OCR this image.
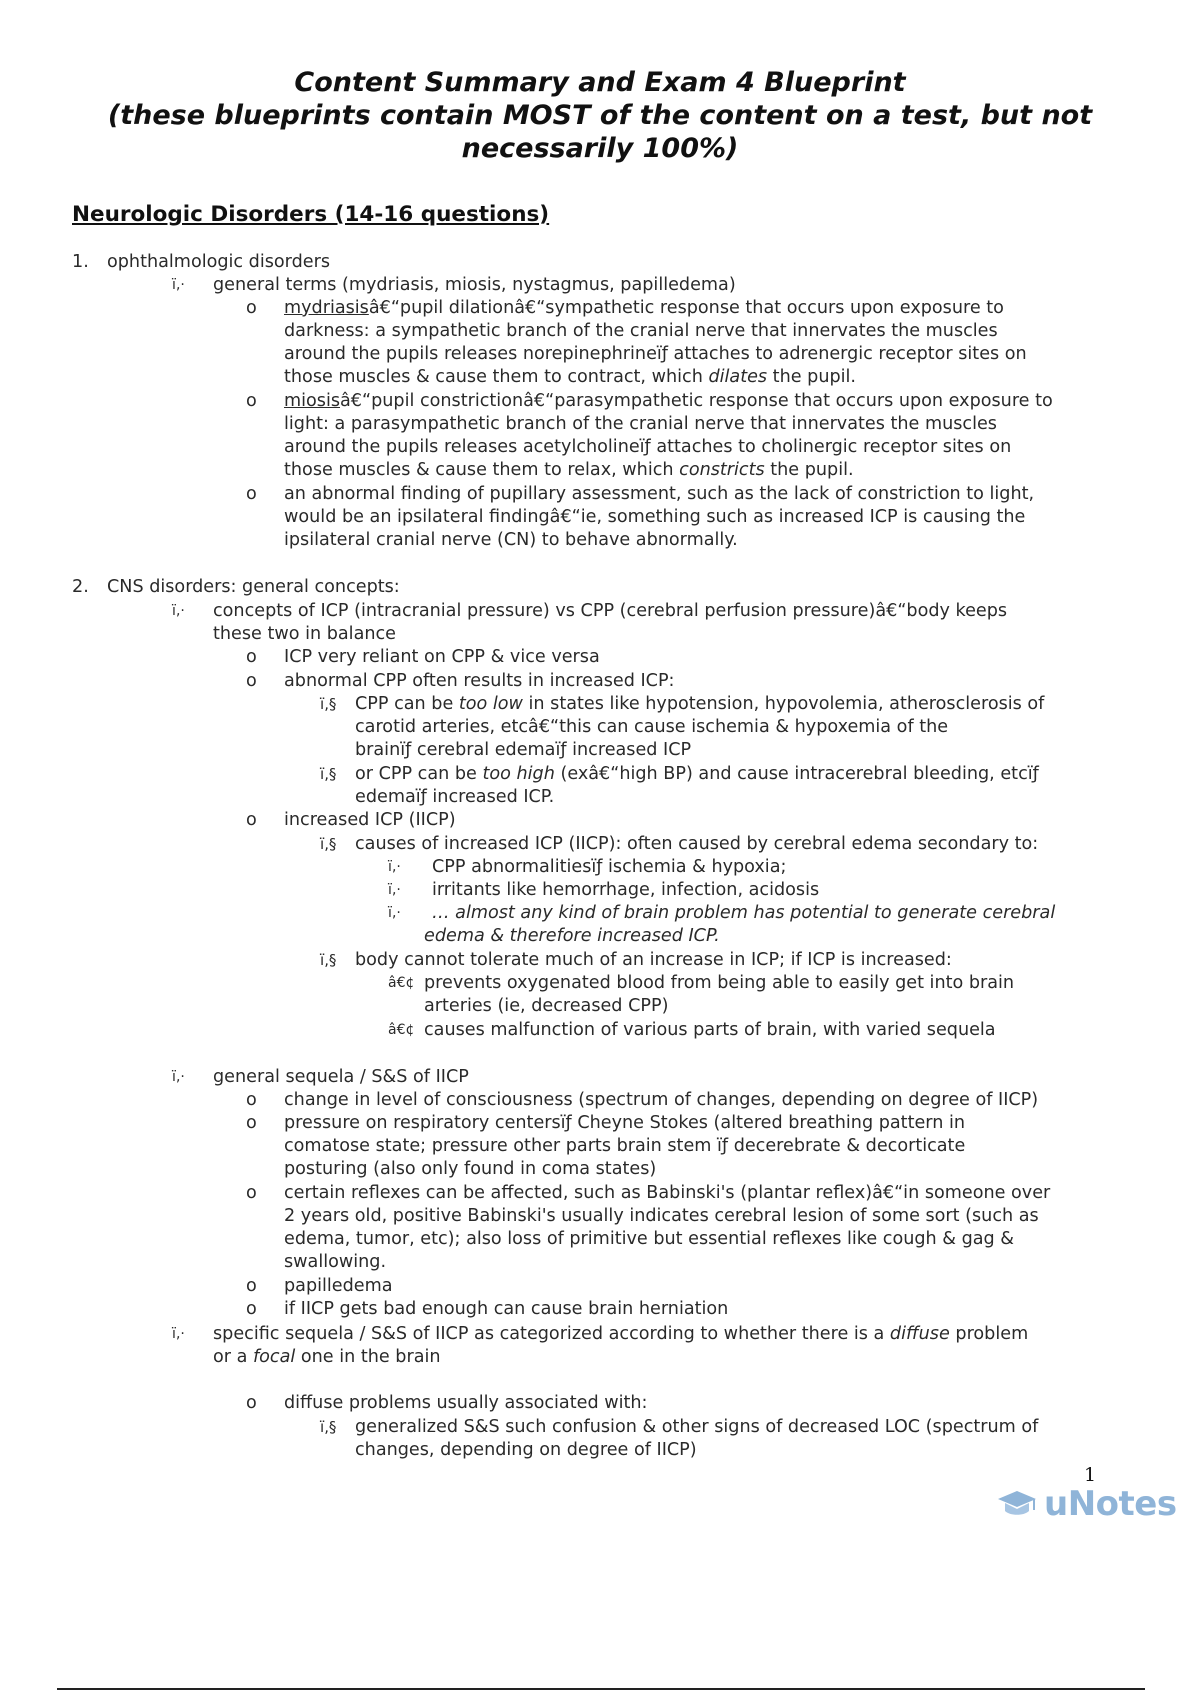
Content Summary and Exam 4 Blueprint
(these blueprints contain MOST of the content on a test, but not
necessarily 100%)
Neurologic Disorders (14-16 questions)
1. ophthalmologic disorders
ï‚· general terms (mydriasis, miosis, nystagmus, papilledema)
o mydriasisâ€“pupil dilationâ€“sympathetic response that occurs upon exposure to
darkness: a sympathetic branch of the cranial nerve that innervates the muscles
around the pupils releases norepinephrineïƒ attaches to adrenergic receptor sites on
those muscles & cause them to contract, which dilates the pupil.
o miosisâ€“pupil constrictionâ€“parasympathetic response that occurs upon exposure to
light: a parasympathetic branch of the cranial nerve that innervates the muscles
around the pupils releases acetylcholineïƒ attaches to cholinergic receptor sites on
those muscles & cause them to relax, which constricts the pupil.
o an abnormal finding of pupillary assessment, such as the lack of constriction to light,
would be an ipsilateral findingâ€“ie, something such as increased ICP is causing the
ipsilateral cranial nerve (CN) to behave abnormally.
2. CNS disorders: general concepts:
ï‚· concepts of ICP (intracranial pressure) vs CPP (cerebral perfusion pressure)â€“body keeps
these two in balance
o ICP very reliant on CPP & vice versa
o abnormal CPP often results in increased ICP:
ï‚§ CPP can be too low in states like hypotension, hypovolemia, atherosclerosis of
carotid arteries, etcâ€“this can cause ischemia & hypoxemia of the
brainïƒ cerebral edemaïƒ increased ICP
ï‚§ or CPP can be too high (exâ€“high BP) and cause intracerebral bleeding, etcïƒ
edemaïƒ increased ICP.
o increased ICP (IICP)
ï‚§ causes of increased ICP (IICP): often caused by cerebral edema secondary to:
ï‚· CPP abnormalitiesïƒ ischemia & hypoxia;
ï‚· irritants like hemorrhage, infection, acidosis
ï‚· … almost any kind of brain problem has potential to generate cerebral
edema & therefore increased ICP.
ï‚§ body cannot tolerate much of an increase in ICP; if ICP is increased:
â€¢ prevents oxygenated blood from being able to easily get into brain
arteries (ie, decreased CPP)
â€¢ causes malfunction of various parts of brain, with varied sequela
ï‚· general sequela / S&S of IICP
o change in level of consciousness (spectrum of changes, depending on degree of IICP)
o pressure on respiratory centersïƒ Cheyne Stokes (altered breathing pattern in
comatose state; pressure other parts brain stem ïƒ decerebrate & decorticate
posturing (also only found in coma states)
o certain reflexes can be affected, such as Babinski's (plantar reflex)â€“in someone over
2 years old, positive Babinski's usually indicates cerebral lesion of some sort (such as
edema, tumor, etc); also loss of primitive but essential reflexes like cough & gag &
swallowing.
o papilledema
o if IICP gets bad enough can cause brain herniation
ï‚· specific sequela / S&S of IICP as categorized according to whether there is a diffuse problem
or a focal one in the brain
o diffuse problems usually associated with:
ï‚§ generalized S&S such confusion & other signs of decreased LOC (spectrum of
changes, depending on degree of IICP)
1
uNotes
